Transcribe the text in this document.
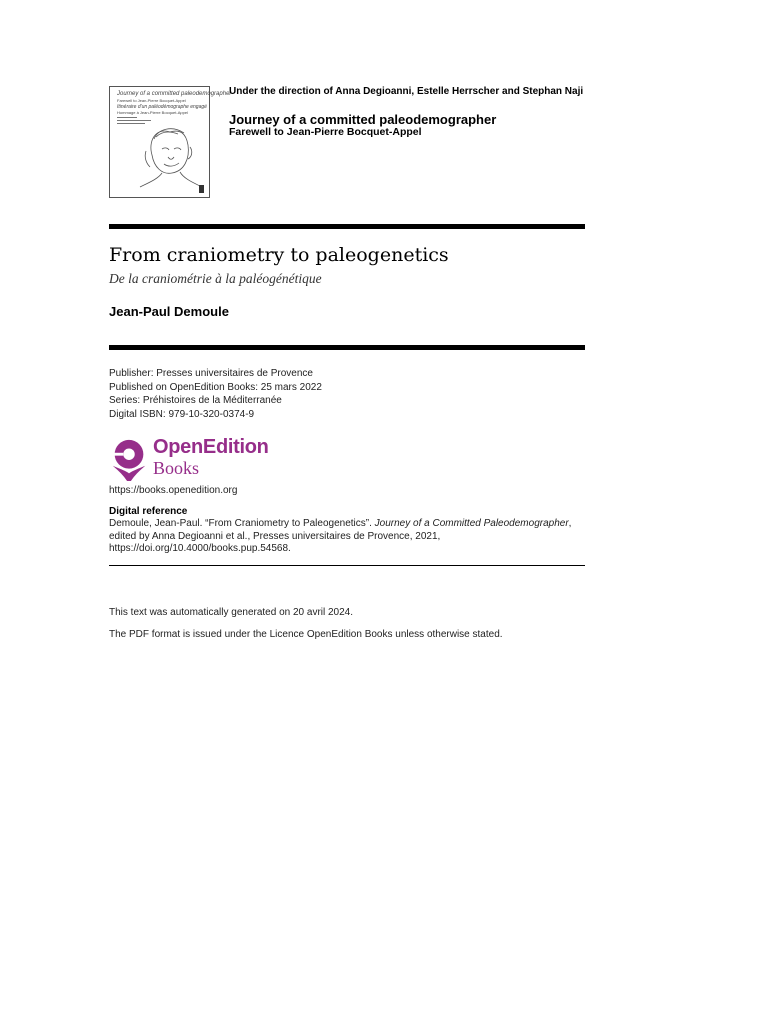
Journey of a committed paleodemographer
Farewell to Jean-Pierre Bocquet-Appel
Itinéraire d'un paléodémographe engagé
Hommage à Jean-Pierre Bocquet-Appel
Under the direction of Anna Degioanni, Estelle Herrscher and Stephan Naji
Journey of a committed paleodemographer
Farewell to Jean-Pierre Bocquet-Appel
From craniometry to paleogenetics
De la craniométrie à la paléogénétique
Jean-Paul Demoule
Publisher: Presses universitaires de Provence
Published on OpenEdition Books: 25 mars 2022
Series: Préhistoires de la Méditerranée
Digital ISBN: 979-10-320-0374-9
OpenEdition
Books
https://books.openedition.org
Digital reference
Demoule, Jean-Paul. “From Craniometry to Paleogenetics”. Journey of a Committed Paleodemographer, edited by Anna Degioanni et al., Presses universitaires de Provence, 2021, https://doi.org/10.4000/books.pup.54568.
This text was automatically generated on 20 avril 2024.
The PDF format is issued under the Licence OpenEdition Books unless otherwise stated.
